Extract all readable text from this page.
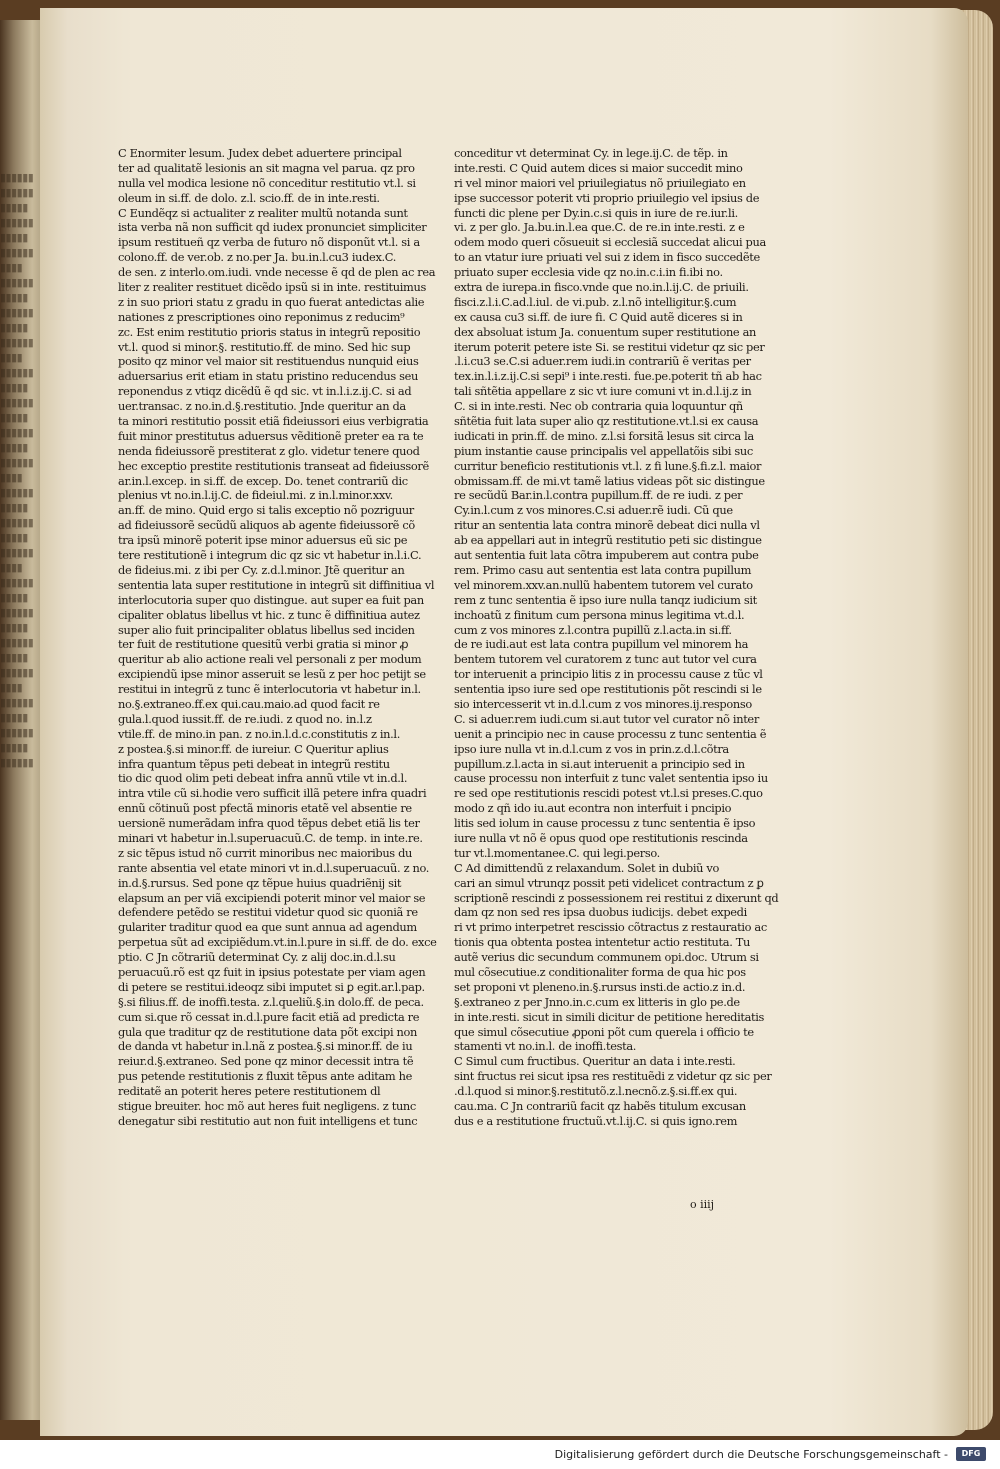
▮▮▮▮▮▮
▮▮▮▮▮▮
▮▮▮▮▮
▮▮▮▮▮▮
▮▮▮▮▮
▮▮▮▮▮▮
▮▮▮▮
▮▮▮▮▮▮
▮▮▮▮▮
▮▮▮▮▮▮
▮▮▮▮▮
▮▮▮▮▮▮
▮▮▮▮
▮▮▮▮▮▮
▮▮▮▮▮
▮▮▮▮▮▮
▮▮▮▮▮
▮▮▮▮▮▮
▮▮▮▮▮
▮▮▮▮▮▮
▮▮▮▮
▮▮▮▮▮▮
▮▮▮▮▮
▮▮▮▮▮▮
▮▮▮▮▮
▮▮▮▮▮▮
▮▮▮▮
▮▮▮▮▮▮
▮▮▮▮▮
▮▮▮▮▮▮
▮▮▮▮▮
▮▮▮▮▮▮
▮▮▮▮▮
▮▮▮▮▮▮
▮▮▮▮
▮▮▮▮▮▮
▮▮▮▮▮
▮▮▮▮▮▮
▮▮▮▮▮
▮▮▮▮▮▮
C Enormiter lesum. Judex debet aduertere principal
ter ad qualitatẽ lesionis an sit magna vel parua. qz pro
nulla vel modica lesione nõ conceditur restitutio vt.l. si
oleum in si.ff. de dolo. z.l. scio.ff. de in inte.resti.
C Eundẽqz si actualiter z realiter multũ notanda sunt
ista verba nã non sufficit qd iudex pronunciet simpliciter
ipsum restitueñ qz verba de futuro nõ disponũt vt.l. si a
colono.ff. de ver.ob. z no.per Ja. bu.in.l.cu3 iudex.C.
de sen. z interlo.om.iudi. vnde necesse ẽ qd de plen ac rea
liter z realiter restituet dicẽdo ipsũ si in inte. restituimus
z in suo priori statu z gradu in quo fuerat antedictas alie
nationes z prescriptiones oino reponimus z reducim⁹
zc. Est enim restitutio prioris status in integrũ repositio
vt.l. quod si minor.§. restitutio.ff. de mino. Sed hic sup
posito qz minor vel maior sit restituendus nunquid eius
aduersarius erit etiam in statu pristino reducendus seu
reponendus z vtiqz dicẽdũ ẽ qd sic. vt in.l.i.z.ij.C. si ad
uer.transac. z no.in.d.§.restitutio. Jnde queritur an da
ta minori restitutio possit etiã fideiussori eius verbigratia
fuit minor prestitutus aduersus vẽditionẽ preter ea ra te
nenda fideiussorẽ prestiterat z glo. videtur tenere quod
hec exceptio prestite restitutionis transeat ad fideiussorẽ
ar.in.l.excep. in si.ff. de excep. Do. tenet contrariũ dic
plenius vt no.in.l.ij.C. de fideiul.mi. z in.l.minor.xxv.
an.ff. de mino. Quid ergo si talis exceptio nõ pozriguur
ad fideiussorẽ secũdũ aliquos ab agente fideiussorẽ cõ
tra ipsũ minorẽ poterit ipse minor aduersus eũ sic pe
tere restitutionẽ i integrum dic qz sic vt habetur in.l.i.C.
de fideius.mi. z ibi per Cy. z.d.l.minor. Jtẽ queritur an
sententia lata super restitutione in integrũ sit diffinitiua vl
interlocutoria super quo distingue. aut super ea fuit pan
cipaliter oblatus libellus vt hic. z tunc ẽ diffinitiua autez
super alio fuit principaliter oblatus libellus sed inciden
ter fuit de restitutione quesitũ verbi gratia si minor ꝓ
queritur ab alio actione reali vel personali z per modum
excipiendũ ipse minor asseruit se lesũ z per hoc petijt se
restitui in integrũ z tunc ẽ interlocutoria vt habetur in.l.
no.§.extraneo.ff.ex qui.cau.maio.ad quod facit re
gula.l.quod iussit.ff. de re.iudi. z quod no. in.l.z
vtile.ff. de mino.in pan. z no.in.l.d.c.constitutis z in.l.
z postea.§.si minor.ff. de iureiur. C Queritur aplius
infra quantum tẽpus peti debeat in integrũ restitu
tio dic quod olim peti debeat infra annũ vtile vt in.d.l.
intra vtile cũ si.hodie vero sufficit illã petere infra quadri
ennũ cõtinuũ post pfectã minoris etatẽ vel absentie re
uersionẽ numerãdam infra quod tẽpus debet etiã lis ter
minari vt habetur in.l.superuacuũ.C. de temp. in inte.re.
z sic tẽpus istud nõ currit minoribus nec maioribus du
rante absentia vel etate minori vt in.d.l.superuacuũ. z no.
in.d.§.rursus. Sed pone qz tẽpue huius quadriẽnij sit
elapsum an per viã excipiendi poterit minor vel maior se
defendere petẽdo se restitui videtur quod sic quoniã re
gulariter traditur quod ea que sunt annua ad agendum
perpetua sũt ad excipiẽdum.vt.in.l.pure in si.ff. de do. exce
ptio. C Jn cõtrariũ determinat Cy. z alij doc.in.d.l.su
peruacuũ.rõ est qz fuit in ipsius potestate per viam agen
di petere se restitui.ideoqz sibi imputet si ꝑ egit.ar.l.pap.
§.si filius.ff. de inoffi.testa. z.l.queliũ.§.in dolo.ff. de peca.
cum si.que rõ cessat in.d.l.pure facit etiã ad predicta re
gula que traditur qz de restitutione data põt excipi non
de danda vt habetur in.l.nã z postea.§.si minor.ff. de iu
reiur.d.§.extraneo. Sed pone qz minor decessit intra tẽ
pus petende restitutionis z fluxit tẽpus ante aditam he
reditatẽ an poterit heres petere restitutionem dl
stigue breuiter. hoc mõ aut heres fuit negligens. z tunc
denegatur sibi restitutio aut non fuit intelligens et tunc
conceditur vt determinat Cy. in lege.ij.C. de tẽp. in
inte.resti. C Quid autem dices si maior succedit mino
ri vel minor maiori vel priuilegiatus nõ priuilegiato en
ipse successor poterit vti proprio priuilegio vel ipsius de
functi dic plene per Dy.in.c.si quis in iure de re.iur.li.
vi. z per glo. Ja.bu.in.l.ea que.C. de re.in inte.resti. z e
odem modo queri cõsueuit si ecclesiã succedat alicui pua
to an vtatur iure priuati vel sui z idem in fisco succedẽte
priuato super ecclesia vide qz no.in.c.i.in fi.ibi no.
extra de iurepa.in fisco.vnde que no.in.l.ij.C. de priuili.
fisci.z.l.i.C.ad.l.iul. de vi.pub. z.l.nõ intelligitur.§.cum
ex causa cu3 si.ff. de iure fi. C Quid autẽ diceres si in
dex absoluat istum Ja. conuentum super restitutione an
iterum poterit petere iste Si. se restitui videtur qz sic per
.l.i.cu3 se.C.si aduer.rem iudi.in contrariũ ẽ veritas per
tex.in.l.i.z.ij.C.si sepi⁹ i inte.resti. fue.pe.poterit tñ ab hac
tali sñtẽtia appellare z sic vt iure comuni vt in.d.l.ij.z in
C. si in inte.resti. Nec ob contraria quia loquuntur qñ
sñtẽtia fuit lata super alio qz restitutione.vt.l.si ex causa
iudicati in prin.ff. de mino. z.l.si forsitã lesus sit circa la
pium instantie cause principalis vel appellatõis sibi suc
curritur beneficio restitutionis vt.l. z fi lune.§.fi.z.l. maior
obmissam.ff. de mi.vt tamẽ latius videas põt sic distingue
re secũdũ Bar.in.l.contra pupillum.ff. de re iudi. z per
Cy.in.l.cum z vos minores.C.si aduer.rẽ iudi. Cũ que
ritur an sententia lata contra minorẽ debeat dici nulla vl
ab ea appellari aut in integrũ restitutio peti sic distingue
aut sententia fuit lata cõtra impuberem aut contra pube
rem. Primo casu aut sententia est lata contra pupillum
vel minorem.xxv.an.nullũ habentem tutorem vel curato
rem z tunc sententia ẽ ipso iure nulla tanqz iudicium sit
inchoatũ z finitum cum persona minus legitima vt.d.l.
cum z vos minores z.l.contra pupillũ z.l.acta.in si.ff.
de re iudi.aut est lata contra pupillum vel minorem ha
bentem tutorem vel curatorem z tunc aut tutor vel cura
tor interuenit a principio litis z in processu cause z tũc vl
sententia ipso iure sed ope restitutionis põt rescindi si le
sio intercesserit vt in.d.l.cum z vos minores.ij.responso
C. si aduer.rem iudi.cum si.aut tutor vel curator nõ inter
uenit a principio nec in cause processu z tunc sententia ẽ
ipso iure nulla vt in.d.l.cum z vos in prin.z.d.l.cõtra
pupillum.z.l.acta in si.aut interuenit a principio sed in
cause processu non interfuit z tunc valet sententia ipso iu
re sed ope restitutionis rescidi potest vt.l.si preses.C.quo
modo z qñ ido iu.aut econtra non interfuit i pncipio
litis sed iolum in cause processu z tunc sententia ẽ ipso
iure nulla vt nõ ẽ opus quod ope restitutionis rescinda
tur vt.l.momentanee.C. qui legi.perso.
C Ad dimittendũ z relaxandum. Solet in dubiũ vo
cari an simul vtrunqz possit peti videlicet contractum z ꝑ
scriptionẽ rescindi z possessionem rei restitui z dixerunt qd
dam qz non sed res ipsa duobus iudicijs. debet expedi
ri vt primo interpetret rescissio cõtractus z restauratio ac
tionis qua obtenta postea intentetur actio restituta. Tu
autẽ verius dic secundum communem opi.doc. Utrum si
mul cõsecutiue.z conditionaliter forma de qua hic pos
set proponi vt pleneno.in.§.rursus insti.de actio.z in.d.
§.extraneo z per Jnno.in.c.cum ex litteris in glo pe.de
in inte.resti. sicut in simili dicitur de petitione hereditatis
que simul cõsecutiue ꝓponi põt cum querela i officio te
stamenti vt no.in.l. de inoffi.testa.
C Simul cum fructibus. Queritur an data i inte.resti.
sint fructus rei sicut ipsa res restituẽdi z videtur qz sic per
.d.l.quod si minor.§.restitutõ.z.l.necnõ.z.§.si.ff.ex qui.
cau.ma. C Jn contrariũ facit qz habẽs titulum excusan
dus e a restitutione fructuũ.vt.l.ij.C. si quis igno.rem
o iiij
Digitalisierung gefördert durch die Deutsche Forschungsgemeinschaft -	DFG
